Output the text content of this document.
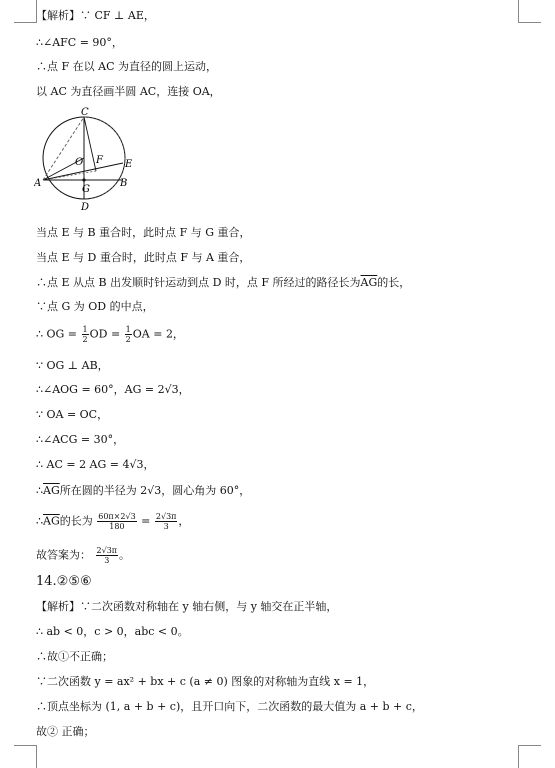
【解析】∵ CF ⊥ AE，
∴∠AFC = 90°，
∴点 F 在以 AC 为直径的圆上运动，
以 AC 为直径画半圆 AC，连接 OA，
C
O F E
A
G
B
D
当点 E 与 B 重合时，此时点 F 与 G 重合，
当点 E 与 D 重合时，此时点 F 与 A 重合，
∴点 E 从点 B 出发顺时针运动到点 D 时，点 F 所经过的路径长为$\overline{AG}$的长，
∵点 G 为 OD 的中点，
∴ OG = $\frac{1}{2}$ OD = $\frac{1}{2}$ OA = 2，
∵ OG ⊥ AB，
∴∠AOG = 60°，AG = 2√3，
∵ OA = OC，
∴∠ACG = 30°，
∴ AC = 2 AG = 4√3，
$\therefore\overline{AG}$所在圆的半径为 2√3，圆心角为 60°，
$\therefore\overline{AG}$的长为 $\frac{60\pi\times 2√3}{180} = \frac{2√3\pi}{3}$ ，
故答案为： $\frac{2√3\pi}{3}$ 。
14.②⑤⑥
【解析】∵二次函数对称轴在 y 轴右侧，与 y 轴交在正半轴，
∴ ab < 0，c > 0，abc < 0。
∴故①不正确；
∵二次函数 y = ax² + bx + c (a ≠ 0) 图象的对称轴为直线 x = 1，
∴顶点坐标为 (1, a + b + c)，且开口向下，二次函数的最大值为 a + b + c，
故② 正确；
